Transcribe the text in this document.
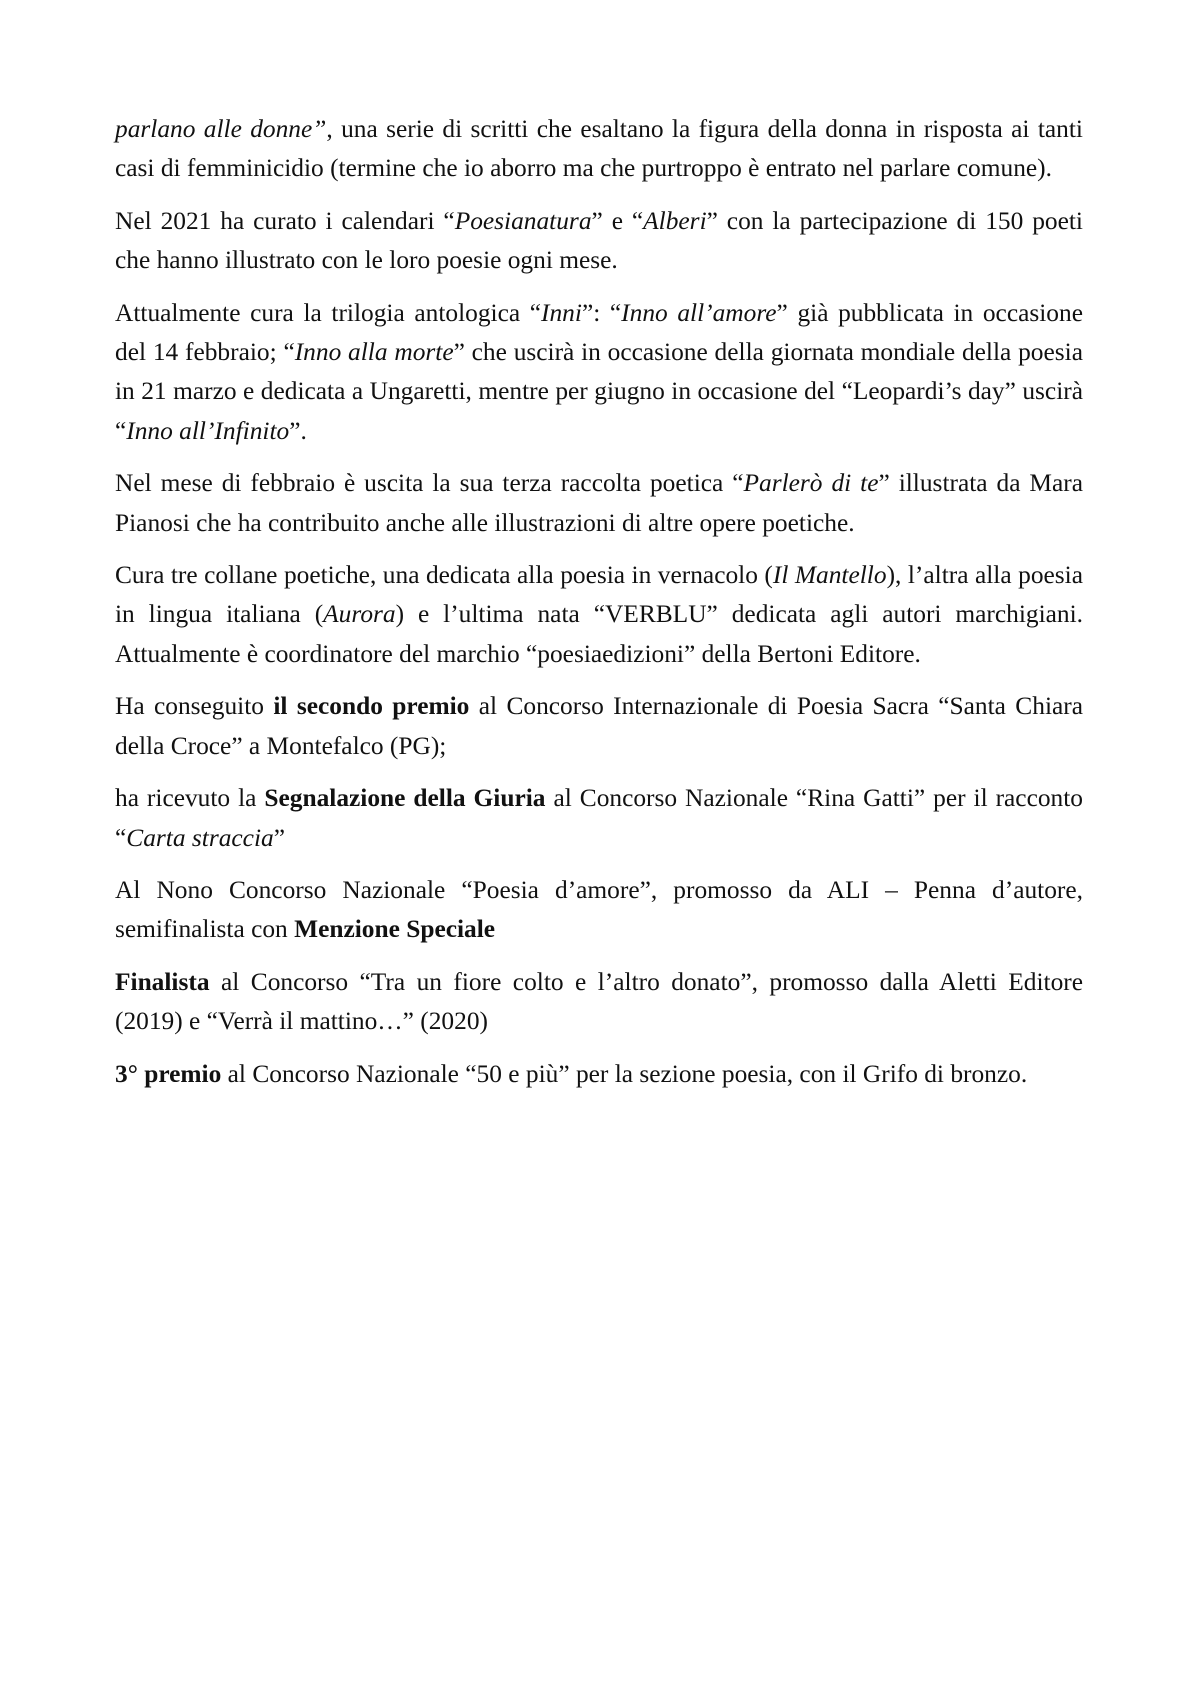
parlano alle donne”, una serie di scritti che esaltano la figura della donna in risposta ai tanti casi di femminicidio (termine che io aborro ma che purtroppo è entrato nel parlare comune).

Nel 2021 ha curato i calendari “Poesianatura” e “Alberi” con la partecipazione di 150 poeti che hanno illustrato con le loro poesie ogni mese.

Attualmente cura la trilogia antologica “Inni”: “Inno all’amore” già pubblicata in occasione del 14 febbraio; “Inno alla morte” che uscirà in occasione della giornata mondiale della poesia in 21 marzo e dedicata a Ungaretti, mentre per giugno in occasione del “Leopardi’s day” uscirà “Inno all’Infinito”.

Nel mese di febbraio è uscita la sua terza raccolta poetica “Parlerò di te” illustrata da Mara Pianosi che ha contribuito anche alle illustrazioni di altre opere poetiche.

Cura tre collane poetiche, una dedicata alla poesia in vernacolo (Il Mantello), l’altra alla poesia in lingua italiana (Aurora) e l’ultima nata “VERBLU” dedicata agli autori marchigiani. Attualmente è coordinatore del marchio “poesiaedizioni” della Bertoni Editore.

Ha conseguito il secondo premio al Concorso Internazionale di Poesia Sacra “Santa Chiara della Croce” a Montefalco (PG);

ha ricevuto la Segnalazione della Giuria al Concorso Nazionale “Rina Gatti” per il racconto “Carta straccia”

Al Nono Concorso Nazionale “Poesia d’amore”, promosso da ALI – Penna d’autore, semifinalista con Menzione Speciale

Finalista al Concorso “Tra un fiore colto e l’altro donato”, promosso dalla Aletti Editore (2019) e “Verrà il mattino…” (2020)

3° premio al Concorso Nazionale “50 e più” per la sezione poesia, con il Grifo di bronzo.
